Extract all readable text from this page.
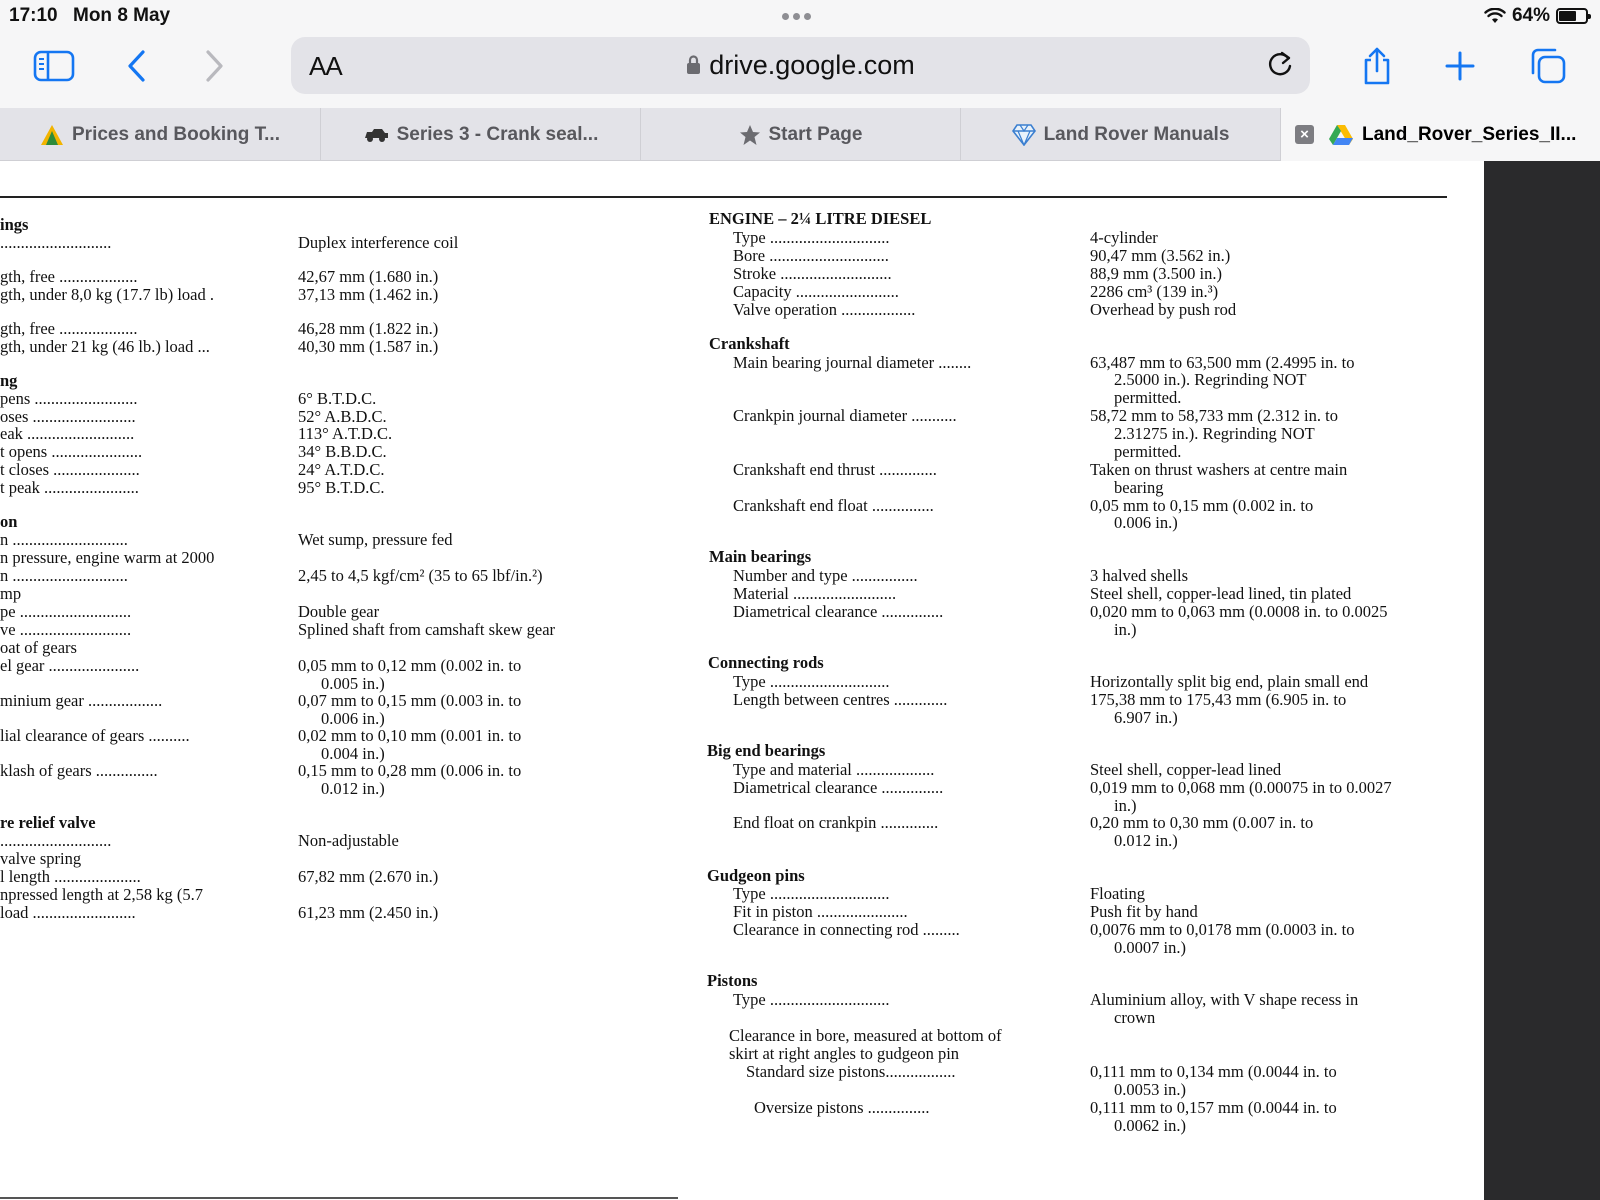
17:10 Mon 8 May	64%
AA	drive.google.com
Prices and Booking T...	Series 3 - Crank seal...	Start Page	Land Rover Manuals	×	Land_Rover_Series_II...
ings
...........................	Duplex interference coil
gth, free ...................	42,67 mm (1.680 in.)
gth, under 8,0 kg (17.7 lb) load .	37,13 mm (1.462 in.)
gth, free ...................	46,28 mm (1.822 in.)
gth, under 21 kg (46 lb.) load ...	40,30 mm (1.587 in.)
ng
pens .........................	6° B.T.D.C.
oses .........................	52° A.B.D.C.
eak ..........................	113° A.T.D.C.
t opens ......................	34° B.B.D.C.
t closes .....................	24° A.T.D.C.
t peak .......................	95° B.T.D.C.
on
n ............................	Wet sump, pressure fed
n pressure, engine warm at 2000
n ............................	2,45 to 4,5 kgf/cm² (35 to 65 lbf/in.²)
mp
pe ...........................	Double gear
ve ...........................	Splined shaft from camshaft skew gear
oat of gears
el gear ......................	0,05 mm to 0,12 mm (0.002 in. to
0.005 in.)
minium gear ..................	0,07 mm to 0,15 mm (0.003 in. to
0.006 in.)
lial clearance of gears ..........	0,02 mm to 0,10 mm (0.001 in. to
0.004 in.)
klash of gears ...............	0,15 mm to 0,28 mm (0.006 in. to
0.012 in.)
re relief valve
...........................	Non-adjustable
valve spring
l length .....................	67,82 mm (2.670 in.)
npressed length at 2,58 kg (5.7
load .........................	61,23 mm (2.450 in.)
ENGINE – 2¼ LITRE DIESEL
Type .............................	4-cylinder
Bore .............................	90,47 mm (3.562 in.)
Stroke ...........................	88,9 mm (3.500 in.)
Capacity .........................	2286 cm³ (139 in.³)
Valve operation ..................	Overhead by push rod
Crankshaft
Main bearing journal diameter ........	63,487 mm to 63,500 mm (2.4995 in. to
2.5000 in.). Regrinding NOT
permitted.
Crankpin journal diameter ...........	58,72 mm to 58,733 mm (2.312 in. to
2.31275 in.). Regrinding NOT
permitted.
Crankshaft end thrust ..............	Taken on thrust washers at centre main
bearing
Crankshaft end float ...............	0,05 mm to 0,15 mm (0.002 in. to
0.006 in.)
Main bearings
Number and type ................	3 halved shells
Material .........................	Steel shell, copper-lead lined, tin plated
Diametrical clearance ...............	0,020 mm to 0,063 mm (0.0008 in. to 0.0025
in.)
Connecting rods
Type .............................	Horizontally split big end, plain small end
Length between centres .............	175,38 mm to 175,43 mm (6.905 in. to
6.907 in.)
Big end bearings
Type and material ...................	Steel shell, copper-lead lined
Diametrical clearance ...............	0,019 mm to 0,068 mm (0.00075 in to 0.0027
in.)
End float on crankpin ..............	0,20 mm to 0,30 mm (0.007 in. to
0.012 in.)
Gudgeon pins
Type .............................	Floating
Fit in piston ......................	Push fit by hand
Clearance in connecting rod .........	0,0076 mm to 0,0178 mm (0.0003 in. to
0.0007 in.)
Pistons
Type .............................	Aluminium alloy, with V shape recess in
crown
Clearance in bore, measured at bottom of
skirt at right angles to gudgeon pin
Standard size pistons.................	0,111 mm to 0,134 mm (0.0044 in. to
0.0053 in.)
Oversize pistons ...............	0,111 mm to 0,157 mm (0.0044 in. to
0.0062 in.)
